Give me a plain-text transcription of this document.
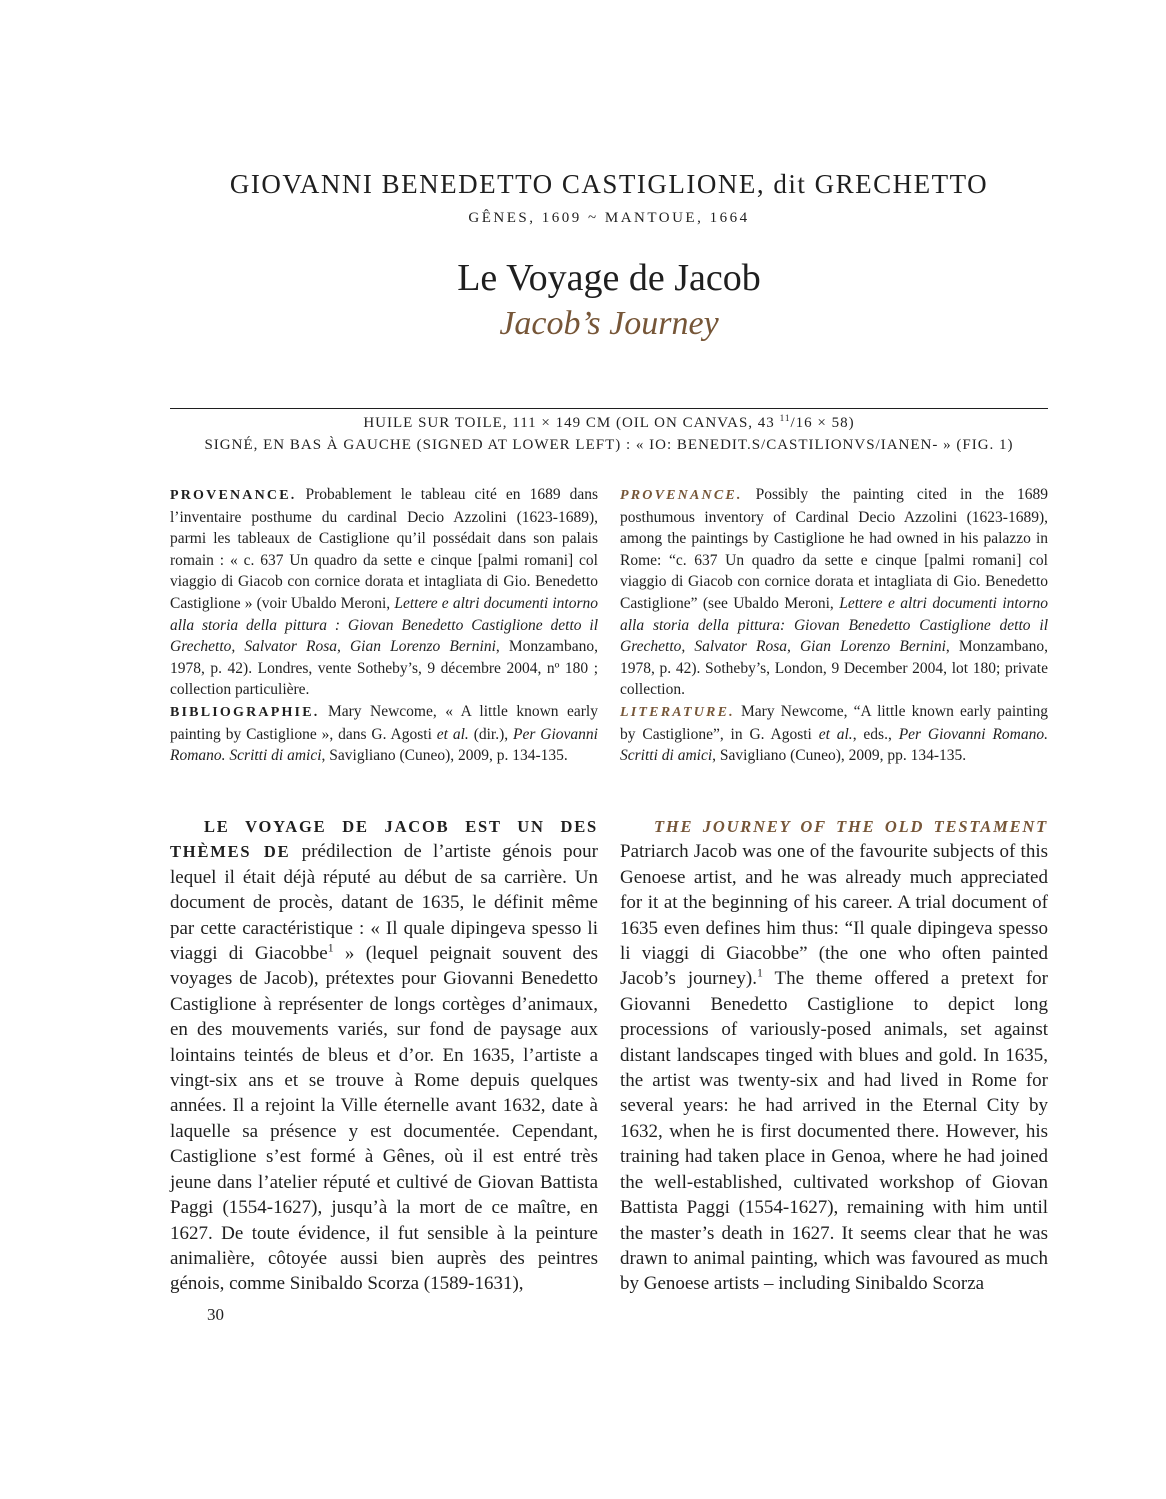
GIOVANNI BENEDETTO CASTIGLIONE, dit GRECHETTO
GÊNES, 1609 ~ MANTOUE, 1664
Le Voyage de Jacob
Jacob’s Journey
HUILE SUR TOILE, 111 × 149 CM (OIL ON CANVAS, 43 $^{11}$/16 × 58)
SIGNÉ, EN BAS À GAUCHE (SIGNED AT LOWER LEFT) : « IO: BENEDIT.S/CASTILIONVS/IANEN- » (FIG. 1)

PROVENANCE. Probablement le tableau cité en 1689 dans l’inventaire posthume du cardinal Decio Azzolini (1623-1689), parmi les tableaux de Castiglione qu’il possédait dans son palais romain : « c. 637 Un quadro da sette e cinque [palmi romani] col viaggio di Giacob con cornice dorata et intagliata di Gio. Benedetto Castiglione » (voir Ubaldo Meroni, Lettere e altri documenti intorno alla storia della pittura : Giovan Benedetto Castiglione detto il Grechetto, Salvator Rosa, Gian Lorenzo Bernini, Monzambano, 1978, p. 42). Londres, vente Sotheby’s, 9 décembre 2004, nº 180 ; collection particulière.

BIBLIOGRAPHIE. Mary Newcome, « A little known early painting by Castiglione », dans G. Agosti et al. (dir.), Per Giovanni Romano. Scritti di amici, Savigliano (Cuneo), 2009, p. 134-135.

PROVENANCE. Possibly the painting cited in the 1689 posthumous inventory of Cardinal Decio Azzolini (1623-1689), among the paintings by Castiglione he had owned in his palazzo in Rome: “c. 637 Un quadro da sette e cinque [palmi romani] col viaggio di Giacob con cornice dorata et intagliata di Gio. Benedetto Castiglione” (see Ubaldo Meroni, Lettere e altri documenti intorno alla storia della pittura: Giovan Benedetto Castiglione detto il Grechetto, Salvator Rosa, Gian Lorenzo Bernini, Monzambano, 1978, p. 42). Sotheby’s, London, 9 December 2004, lot 180; private collection.

LITERATURE. Mary Newcome, “A little known early painting by Castiglione”, in G. Agosti et al., eds., Per Giovanni Romano. Scritti di amici, Savigliano (Cuneo), 2009, pp. 134-135.

LE VOYAGE DE JACOB EST UN DES THÈMES DE prédilection de l’artiste génois pour lequel il était déjà réputé au début de sa carrière. Un document de procès, datant de 1635, le définit même par cette caractéristique : « Il quale dipingeva spesso li viaggi di Giacobbe$^1$ » (lequel peignait souvent des voyages de Jacob), prétextes pour Giovanni Benedetto Castiglione à représenter de longs cortèges d’animaux, en des mouvements variés, sur fond de paysage aux lointains teintés de bleus et d’or. En 1635, l’artiste a vingt-six ans et se trouve à Rome depuis quelques années. Il a rejoint la Ville éternelle avant 1632, date à laquelle sa présence y est documentée. Cependant, Castiglione s’est formé à Gênes, où il est entré très jeune dans l’atelier réputé et cultivé de Giovan Battista Paggi (1554-1627), jusqu’à la mort de ce maître, en 1627. De toute évidence, il fut sensible à la peinture animalière, côtoyée aussi bien auprès des peintres génois, comme Sinibaldo Scorza (1589-1631),

THE JOURNEY OF THE OLD TESTAMENT Patriarch Jacob was one of the favourite subjects of this Genoese artist, and he was already much appreciated for it at the beginning of his career. A trial document of 1635 even defines him thus: “Il quale dipingeva spesso li viaggi di Giacobbe” (the one who often painted Jacob’s journey).$^1$ The theme offered a pretext for Giovanni Benedetto Castiglione to depict long processions of variously-posed animals, set against distant landscapes tinged with blues and gold. In 1635, the artist was twenty-six and had lived in Rome for several years: he had arrived in the Eternal City by 1632, when he is first documented there. However, his training had taken place in Genoa, where he had joined the well-established, cultivated workshop of Giovan Battista Paggi (1554-1627), remaining with him until the master’s death in 1627. It seems clear that he was drawn to animal painting, which was favoured as much by Genoese artists – including Sinibaldo Scorza

30
